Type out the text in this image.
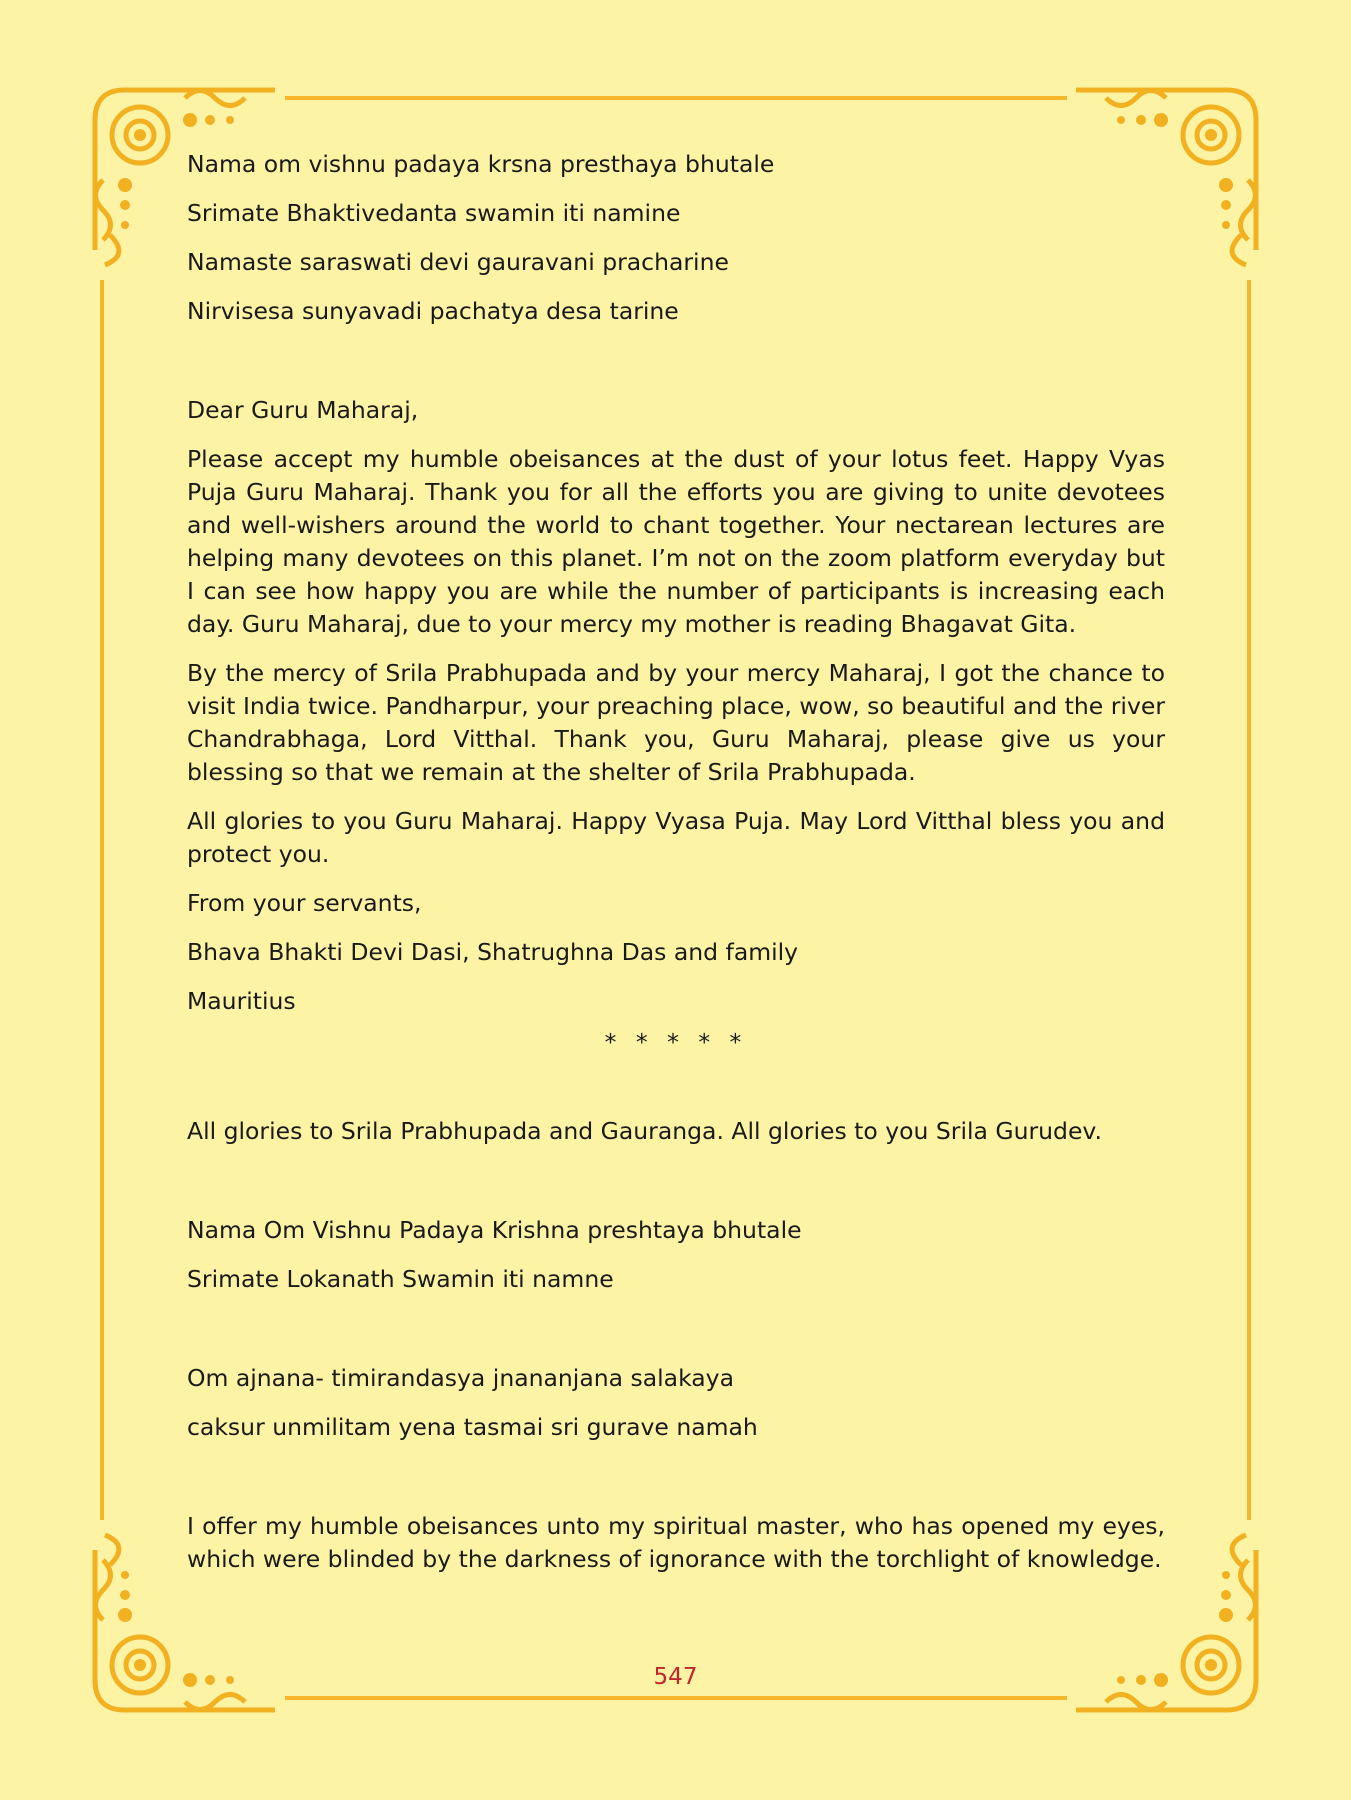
Nama om vishnu padaya krsna presthaya bhutale

Srimate Bhaktivedanta swamin iti namine

Namaste saraswati devi gauravani pracharine

Nirvisesa sunyavadi pachatya desa tarine

Dear Guru Maharaj,

Please accept my humble obeisances at the dust of your lotus feet. Happy Vyas Puja Guru Maharaj. Thank you for all the efforts you are giving to unite devotees and well-wishers around the world to chant together. Your nectarean lectures are helping many devotees on this planet. I’m not on the zoom platform everyday but I can see how happy you are while the number of participants is increasing each day. Guru Maharaj, due to your mercy my mother is reading Bhagavat Gita.

By the mercy of Srila Prabhupada and by your mercy Maharaj, I got the chance to visit India twice. Pandharpur, your preaching place, wow, so beautiful and the river Chandrabhaga, Lord Vitthal. Thank you, Guru Maharaj, please give us your blessing so that we remain at the shelter of Srila Prabhupada.

All glories to you Guru Maharaj. Happy Vyasa Puja. May Lord Vitthal bless you and protect you.

From your servants,

Bhava Bhakti Devi Dasi, Shatrughna Das and family

Mauritius

* * * * *

All glories to Srila Prabhupada and Gauranga. All glories to you Srila Gurudev.

Nama Om Vishnu Padaya Krishna preshtaya bhutale

Srimate Lokanath Swamin iti namne

Om ajnana- timirandasya jnananjana salakaya

caksur unmilitam yena tasmai sri gurave namah

I offer my humble obeisances unto my spiritual master, who has opened my eyes, which were blinded by the darkness of ignorance with the torchlight of knowledge.

547
